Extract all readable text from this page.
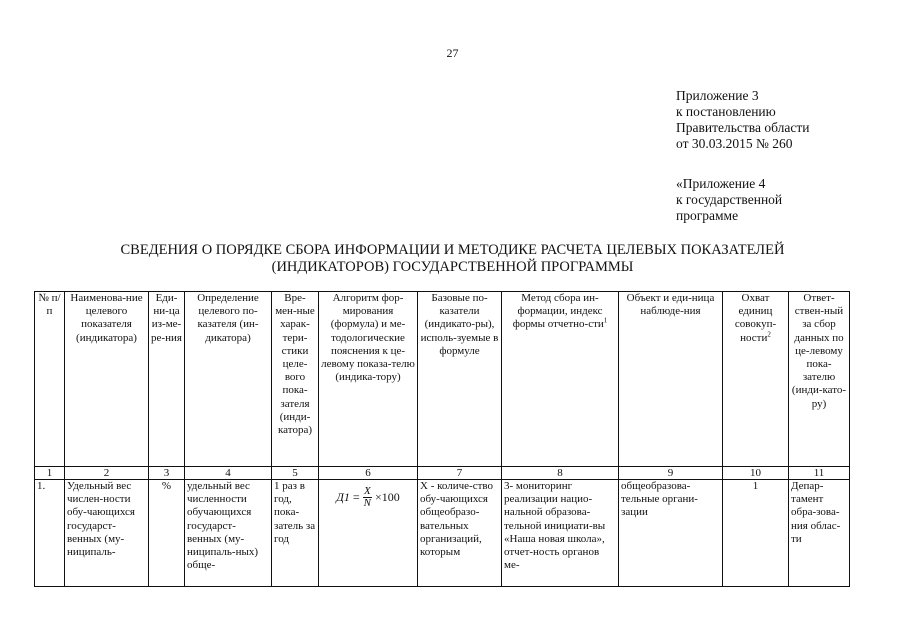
27
Приложение 3
к постановлению
Правительства области
от 30.03.2015 № 260
«Приложение 4
к государственной
программе
СВЕДЕНИЯ О ПОРЯДКЕ СБОРА ИНФОРМАЦИИ И МЕТОДИКЕ РАСЧЕТА ЦЕЛЕВЫХ ПОКАЗАТЕЛЕЙ
(ИНДИКАТОРОВ) ГОСУДАРСТВЕННОЙ ПРОГРАММЫ
№ п/п	Наименова-ние целевого показателя (индикатора)	Еди-ни-ца из-ме-ре-ния	Определение целевого по-казателя (ин-дикатора)	Вре-мен-ные харак-тери-стики целе-вого пока-зателя (инди-катора)	Алгоритм фор-мирования (формула) и ме-тодологические пояснения к це-левому показа-телю (индика-тору)	Базовые по-казатели (индикато-ры), исполь-зуемые в формуле	Метод сбора ин-формации, индекс формы отчетно-сти$^1$	Объект и еди-ница наблюде-ния	Охват единиц совокуп-ности$^2$	Ответ-ствен-ный за сбор данных по це-левому пока-зателю (инди-като-ру)
1	2	3	4	5	6	7	8	9	10	11
1.	Удельный вес числен-ности обу-чающихся государст-венных (му-ниципаль-	%	удельный вес численности обучающихся государст-венных (му-ниципаль-ных) обще-	1 раз в год, пока-затель за год	$Д1 = \frac{X}{N} \times 100$	X - количе-ство обу-чающихся общеобразо-вательных организаций, которым	3- мониторинг реализации нацио-нальной образова-тельной инициати-вы «Наша новая школа», отчет-ность органов ме-	общеобразова-тельные органи-зации	1	Депар-тамент обра-зова-ния облас-ти
